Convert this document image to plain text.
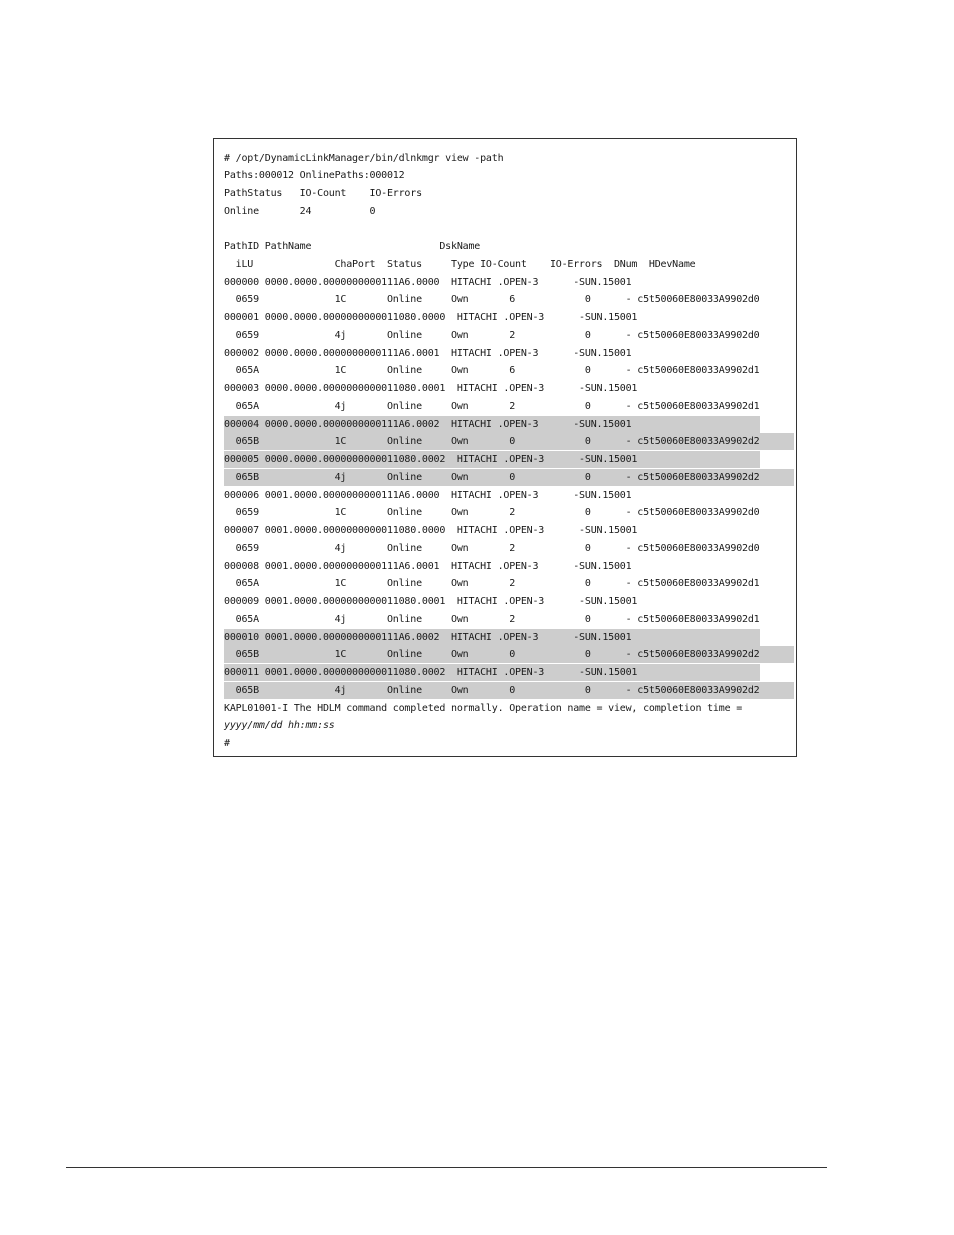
# /opt/DynamicLinkManager/bin/dlnkmgr view -path
Paths:000012 OnlinePaths:000012
PathStatus   IO-Count    IO-Errors
Online       24          0
PathID PathName                      DskName
iLU              ChaPort  Status     Type IO-Count    IO-Errors  DNum  HDevName
000000 0000.0000.0000000000111A6.0000  HITACHI .OPEN-3      -SUN.15001
0659             1C       Online     Own       6            0      - c5t50060E80033A9902d0
000001 0000.0000.0000000000011080.0000  HITACHI .OPEN-3      -SUN.15001
0659             4j       Online     Own       2            0      - c5t50060E80033A9902d0
000002 0000.0000.0000000000111A6.0001  HITACHI .OPEN-3      -SUN.15001
065A             1C       Online     Own       6            0      - c5t50060E80033A9902d1
000003 0000.0000.0000000000011080.0001  HITACHI .OPEN-3      -SUN.15001
065A             4j       Online     Own       2            0      - c5t50060E80033A9902d1
000004 0000.0000.0000000000111A6.0002  HITACHI .OPEN-3      -SUN.15001
065B             1C       Online     Own       0            0      - c5t50060E80033A9902d2
000005 0000.0000.0000000000011080.0002  HITACHI .OPEN-3      -SUN.15001
065B             4j       Online     Own       0            0      - c5t50060E80033A9902d2
000006 0001.0000.0000000000111A6.0000  HITACHI .OPEN-3      -SUN.15001
0659             1C       Online     Own       2            0      - c5t50060E80033A9902d0
000007 0001.0000.0000000000011080.0000  HITACHI .OPEN-3      -SUN.15001
0659             4j       Online     Own       2            0      - c5t50060E80033A9902d0
000008 0001.0000.0000000000111A6.0001  HITACHI .OPEN-3      -SUN.15001
065A             1C       Online     Own       2            0      - c5t50060E80033A9902d1
000009 0001.0000.0000000000011080.0001  HITACHI .OPEN-3      -SUN.15001
065A             4j       Online     Own       2            0      - c5t50060E80033A9902d1
000010 0001.0000.0000000000111A6.0002  HITACHI .OPEN-3      -SUN.15001
065B             1C       Online     Own       0            0      - c5t50060E80033A9902d2
000011 0001.0000.0000000000011080.0002  HITACHI .OPEN-3      -SUN.15001
065B             4j       Online     Own       0            0      - c5t50060E80033A9902d2
KAPL01001-I The HDLM command completed normally. Operation name = view, completion time =
yyyy/mm/dd hh:mm:ss
#
